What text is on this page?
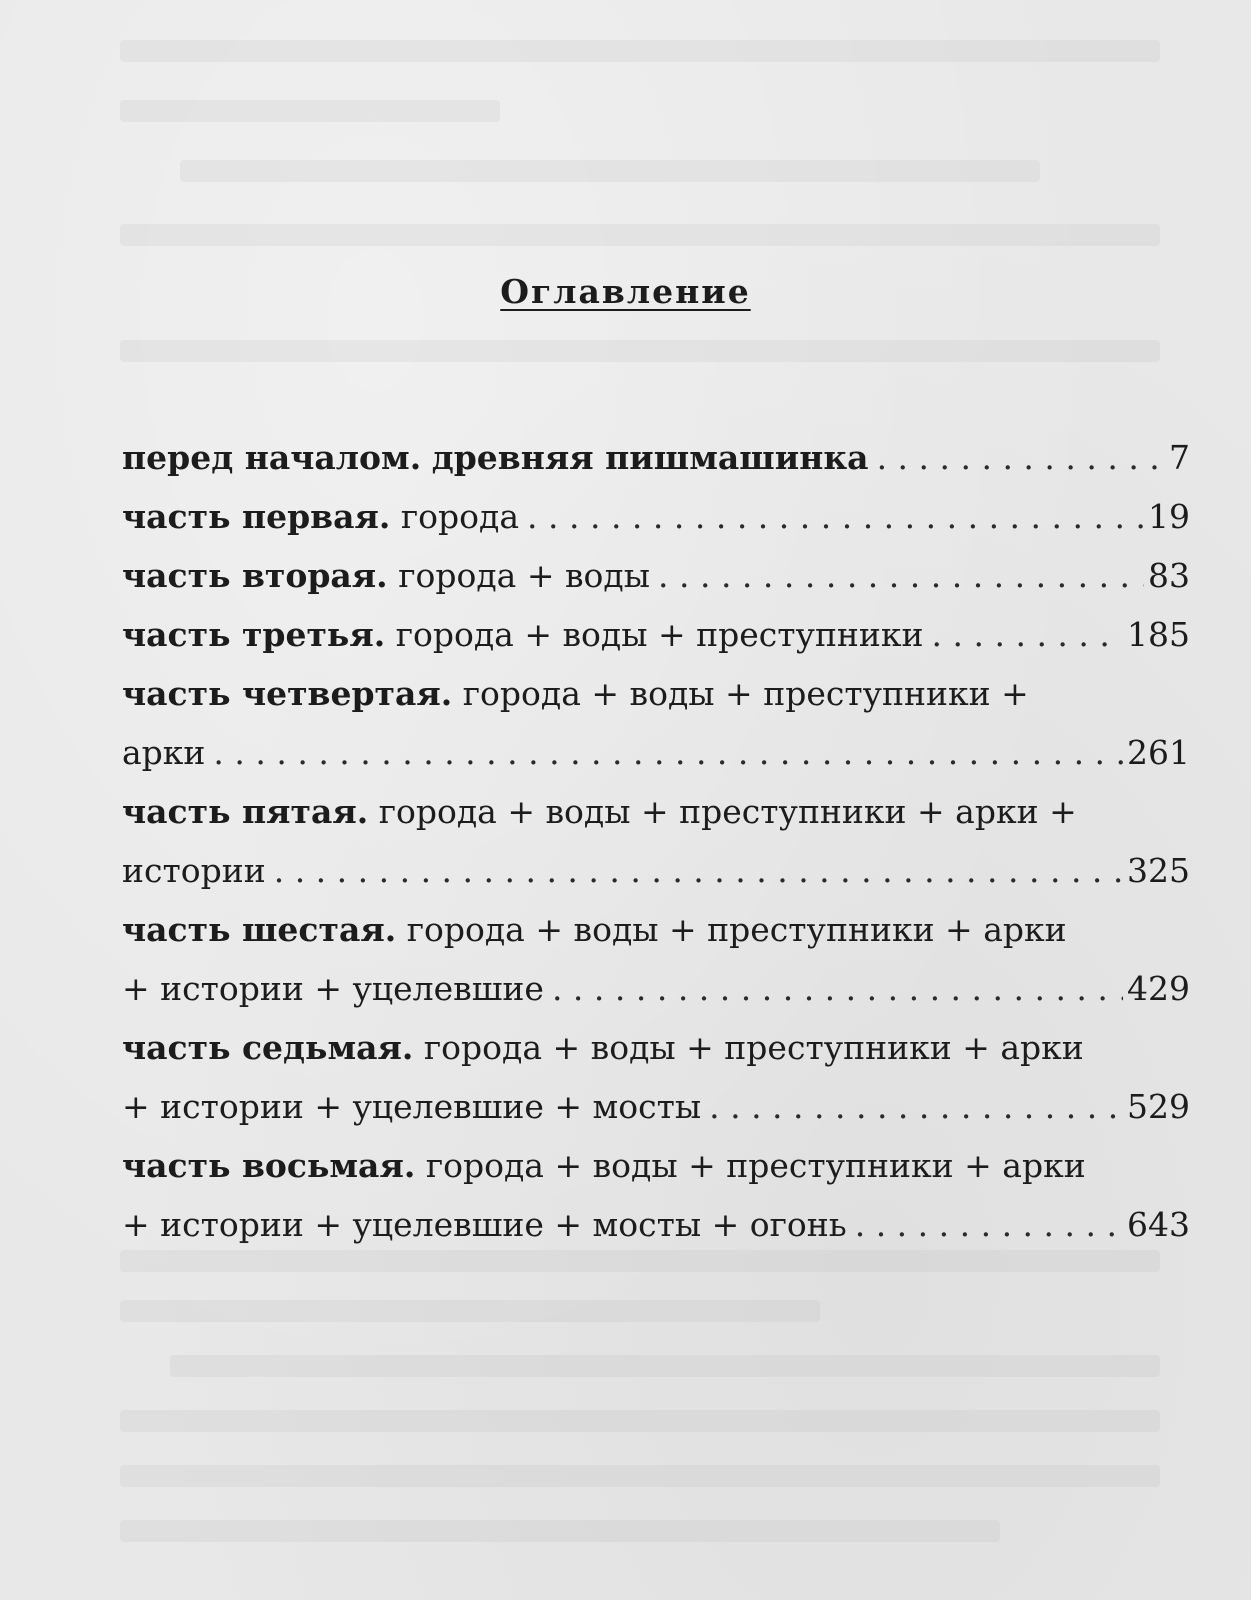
Оглавление
перед началом. древняя пишмашинка . . .	7
часть первая. города . . .	19
часть вторая. города + воды . . .	83
часть третья. города + воды + преступники . . .	185
часть четвертая. города + воды + преступники +
арки . . .	261
часть пятая. города + воды + преступники + арки +
истории . . .	325
часть шестая. города + воды + преступники + арки
+ истории + уцелевшие . . .	429
часть седьмая. города + воды + преступники + арки
+ истории + уцелевшие + мосты . . .	529
часть восьмая. города + воды + преступники + арки
+ истории + уцелевшие + мосты + огонь . . .	643
